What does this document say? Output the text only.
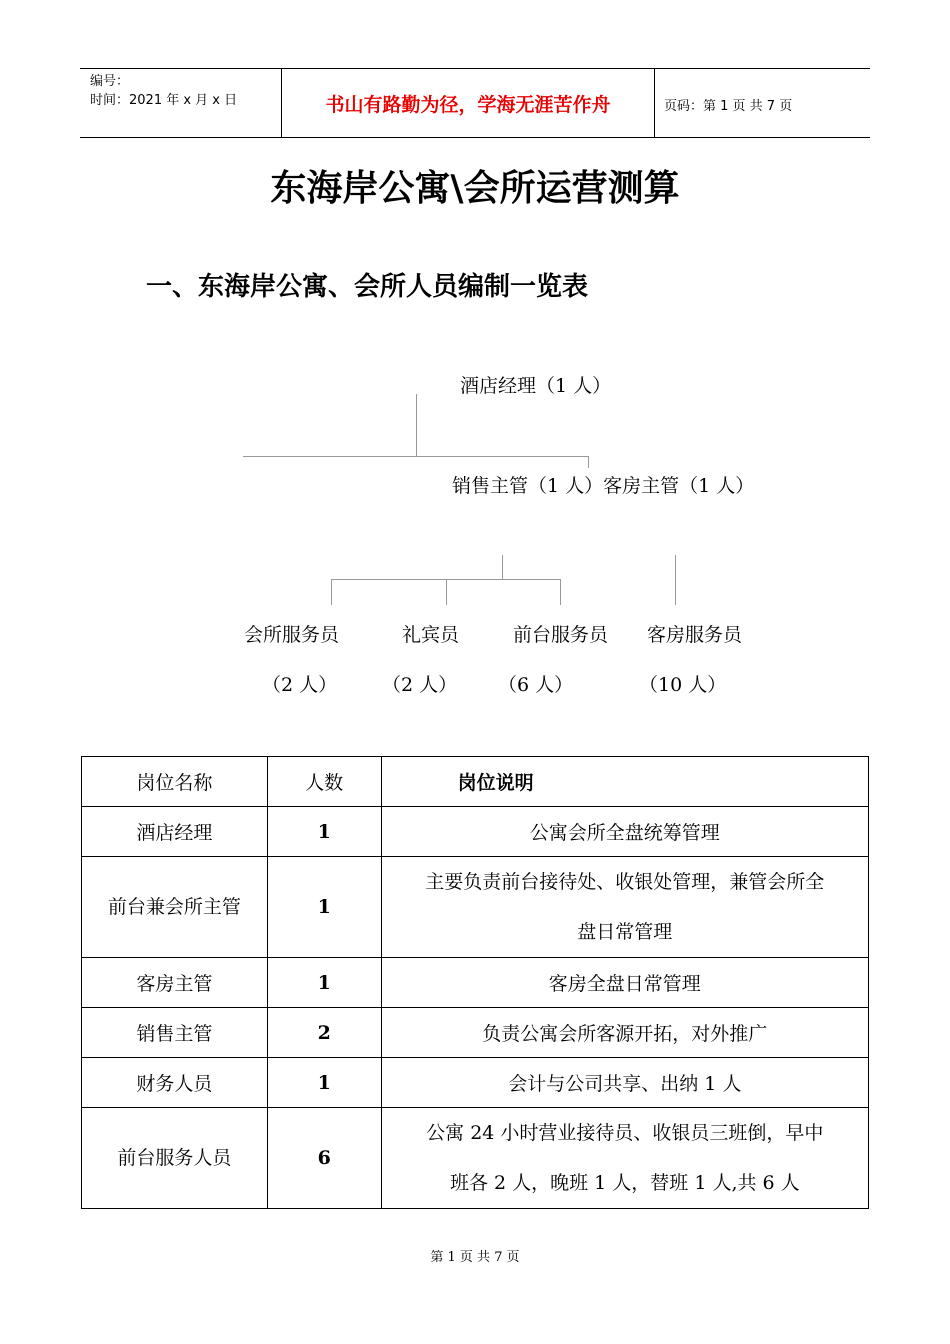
编号：
时间：2021 年 x 月 x 日	书山有路勤为径，学海无涯苦作舟	页码：第 1 页 共 7 页
东海岸公寓\会所运营测算
一、东海岸公寓、会所人员编制一览表
酒店经理（1 人）
销售主管（1 人）客房主管（1 人）
会所服务员	礼宾员	前台服务员 客房服务员
（2 人） （2 人） （6 人）	（10 人）
岗位名称	人数	岗位说明
酒店经理	1	公寓会所全盘统筹管理
前台兼会所主管	1	主要负责前台接待处、收银处管理，兼管会所全
盘日常管理

客房主管	1	客房全盘日常管理
销售主管	2	负责公寓会所客源开拓，对外推广
财务人员	1	会计与公司共享、出纳 1 人
前台服务人员	6	公寓 24 小时营业接待员、收银员三班倒，早中
班各 2 人，晚班 1 人，替班 1 人,共 6 人
第 1 页 共 7 页
